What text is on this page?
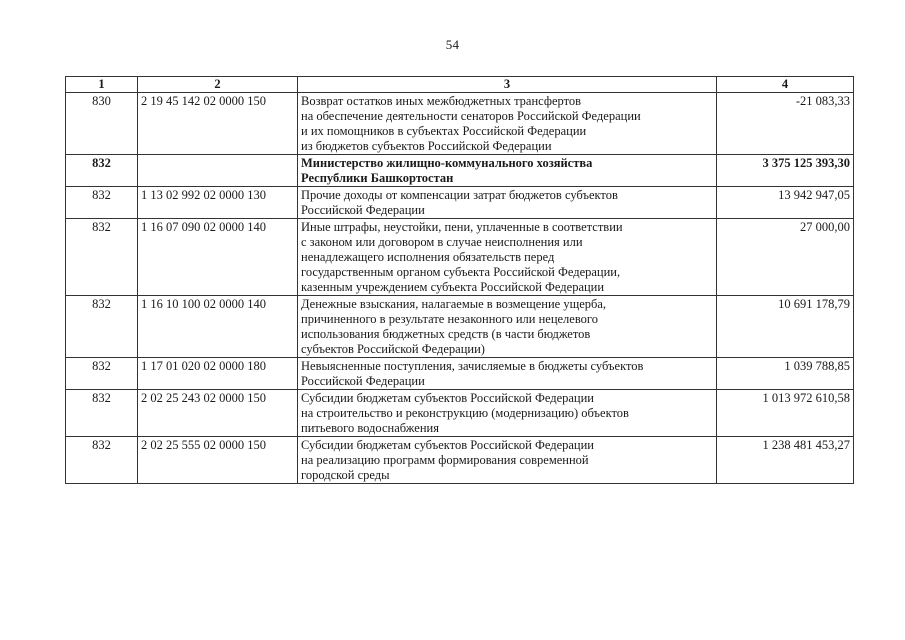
54
1	2	3	4
830	2 19 45 142 02 0000 150	Возврат остатков иных межбюджетных трансфертов
на обеспечение деятельности сенаторов Российской Федерации
и их помощников в субъектах Российской Федерации
из бюджетов субъектов Российской Федерации	-21 083,33
832		Министерство жилищно-коммунального хозяйства
Республики Башкортостан	3 375 125 393,30
832	1 13 02 992 02 0000 130	Прочие доходы от компенсации затрат бюджетов субъектов
Российской Федерации	13 942 947,05
832	1 16 07 090 02 0000 140	Иные штрафы, неустойки, пени, уплаченные в соответствии
с законом или договором в случае неисполнения или
ненадлежащего исполнения обязательств перед
государственным органом субъекта Российской Федерации,
казенным учреждением субъекта Российской Федерации	27 000,00
832	1 16 10 100 02 0000 140	Денежные взыскания, налагаемые в возмещение ущерба,
причиненного в результате незаконного или нецелевого
использования бюджетных средств (в части бюджетов
субъектов Российской Федерации)	10 691 178,79
832	1 17 01 020 02 0000 180	Невыясненные поступления, зачисляемые в бюджеты субъектов
Российской Федерации	1 039 788,85
832	2 02 25 243 02 0000 150	Субсидии бюджетам субъектов Российской Федерации
на строительство и реконструкцию (модернизацию) объектов
питьевого водоснабжения	1 013 972 610,58
832	2 02 25 555 02 0000 150	Субсидии бюджетам субъектов Российской Федерации
на реализацию программ формирования современной
городской среды	1 238 481 453,27
